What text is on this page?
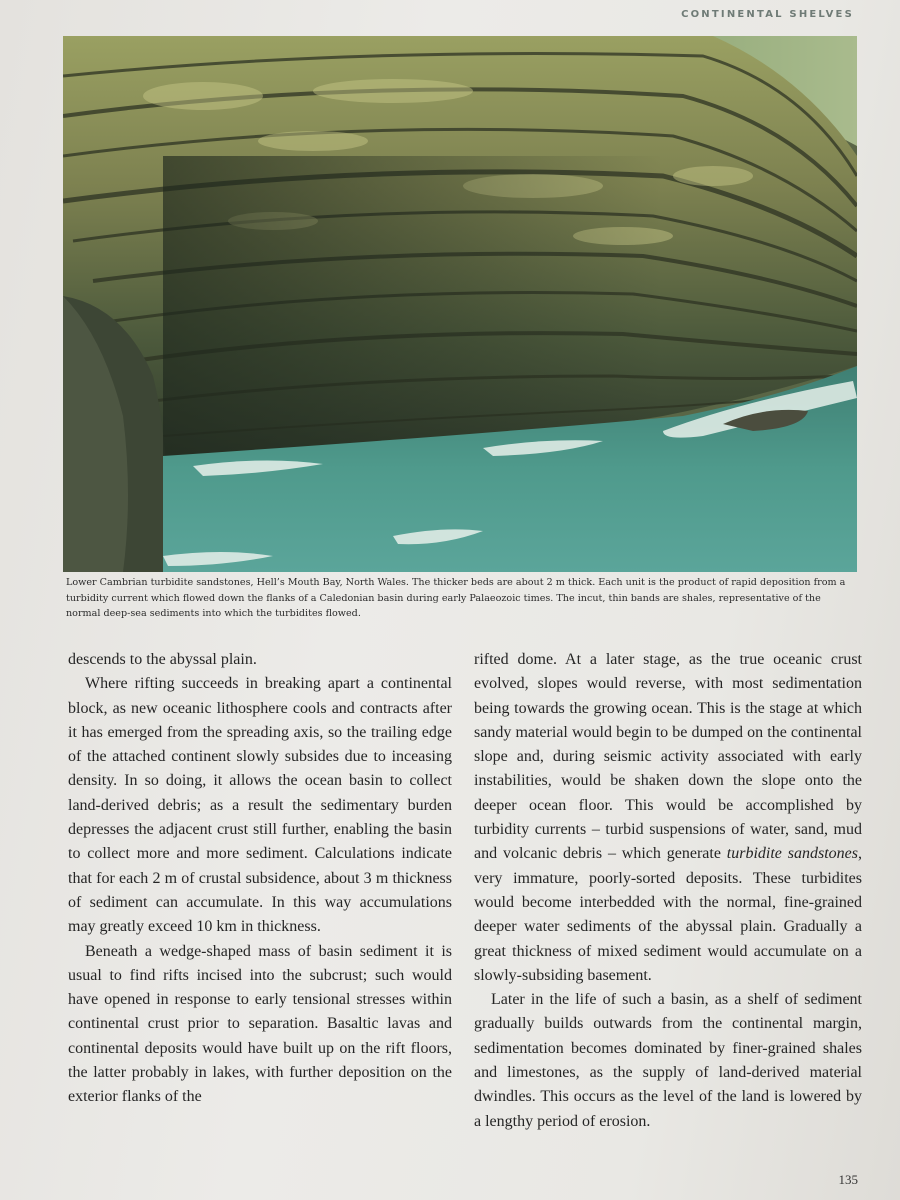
CONTINENTAL SHELVES
Lower Cambrian turbidite sandstones, Hell’s Mouth Bay, North Wales. The thicker beds are about 2 m thick. Each unit is the product of rapid deposition from a turbidity current which flowed down the flanks of a Caledonian basin during early Palaeozoic times. The incut, thin bands are shales, representative of the normal deep-sea sediments into which the turbidites flowed.

descends to the abyssal plain.

Where rifting succeeds in breaking apart a continental block, as new oceanic lithosphere cools and contracts after it has emerged from the spreading axis, so the trailing edge of the attached continent slowly subsides due to inceasing density. In so doing, it allows the ocean basin to collect land-derived debris; as a result the sedimentary burden depresses the adjacent crust still further, enabling the basin to collect more and more sediment. Calculations indicate that for each 2 m of crustal subsidence, about 3 m thickness of sediment can accumulate. In this way accumulations may greatly exceed 10 km in thickness.

Beneath a wedge-shaped mass of basin sediment it is usual to find rifts incised into the subcrust; such would have opened in response to early tensional stresses within continental crust prior to separation. Basaltic lavas and continental deposits would have built up on the rift floors, the latter probably in lakes, with further deposition on the exterior flanks of the

rifted dome. At a later stage, as the true oceanic crust evolved, slopes would reverse, with most sedimentation being towards the growing ocean. This is the stage at which sandy material would begin to be dumped on the continental slope and, during seismic activity associated with early instabilities, would be shaken down the slope onto the deeper ocean floor. This would be accomplished by turbidity currents – turbid suspensions of water, sand, mud and volcanic debris – which generate turbidite sandstones, very immature, poorly-sorted deposits. These turbidites would become interbedded with the normal, fine-grained deeper water sediments of the abyssal plain. Gradually a great thickness of mixed sediment would accumulate on a slowly-subsiding basement.

Later in the life of such a basin, as a shelf of sediment gradually builds outwards from the continental margin, sedimentation becomes dominated by finer-grained shales and limestones, as the supply of land-derived material dwindles. This occurs as the level of the land is lowered by a lengthy period of erosion.

135
